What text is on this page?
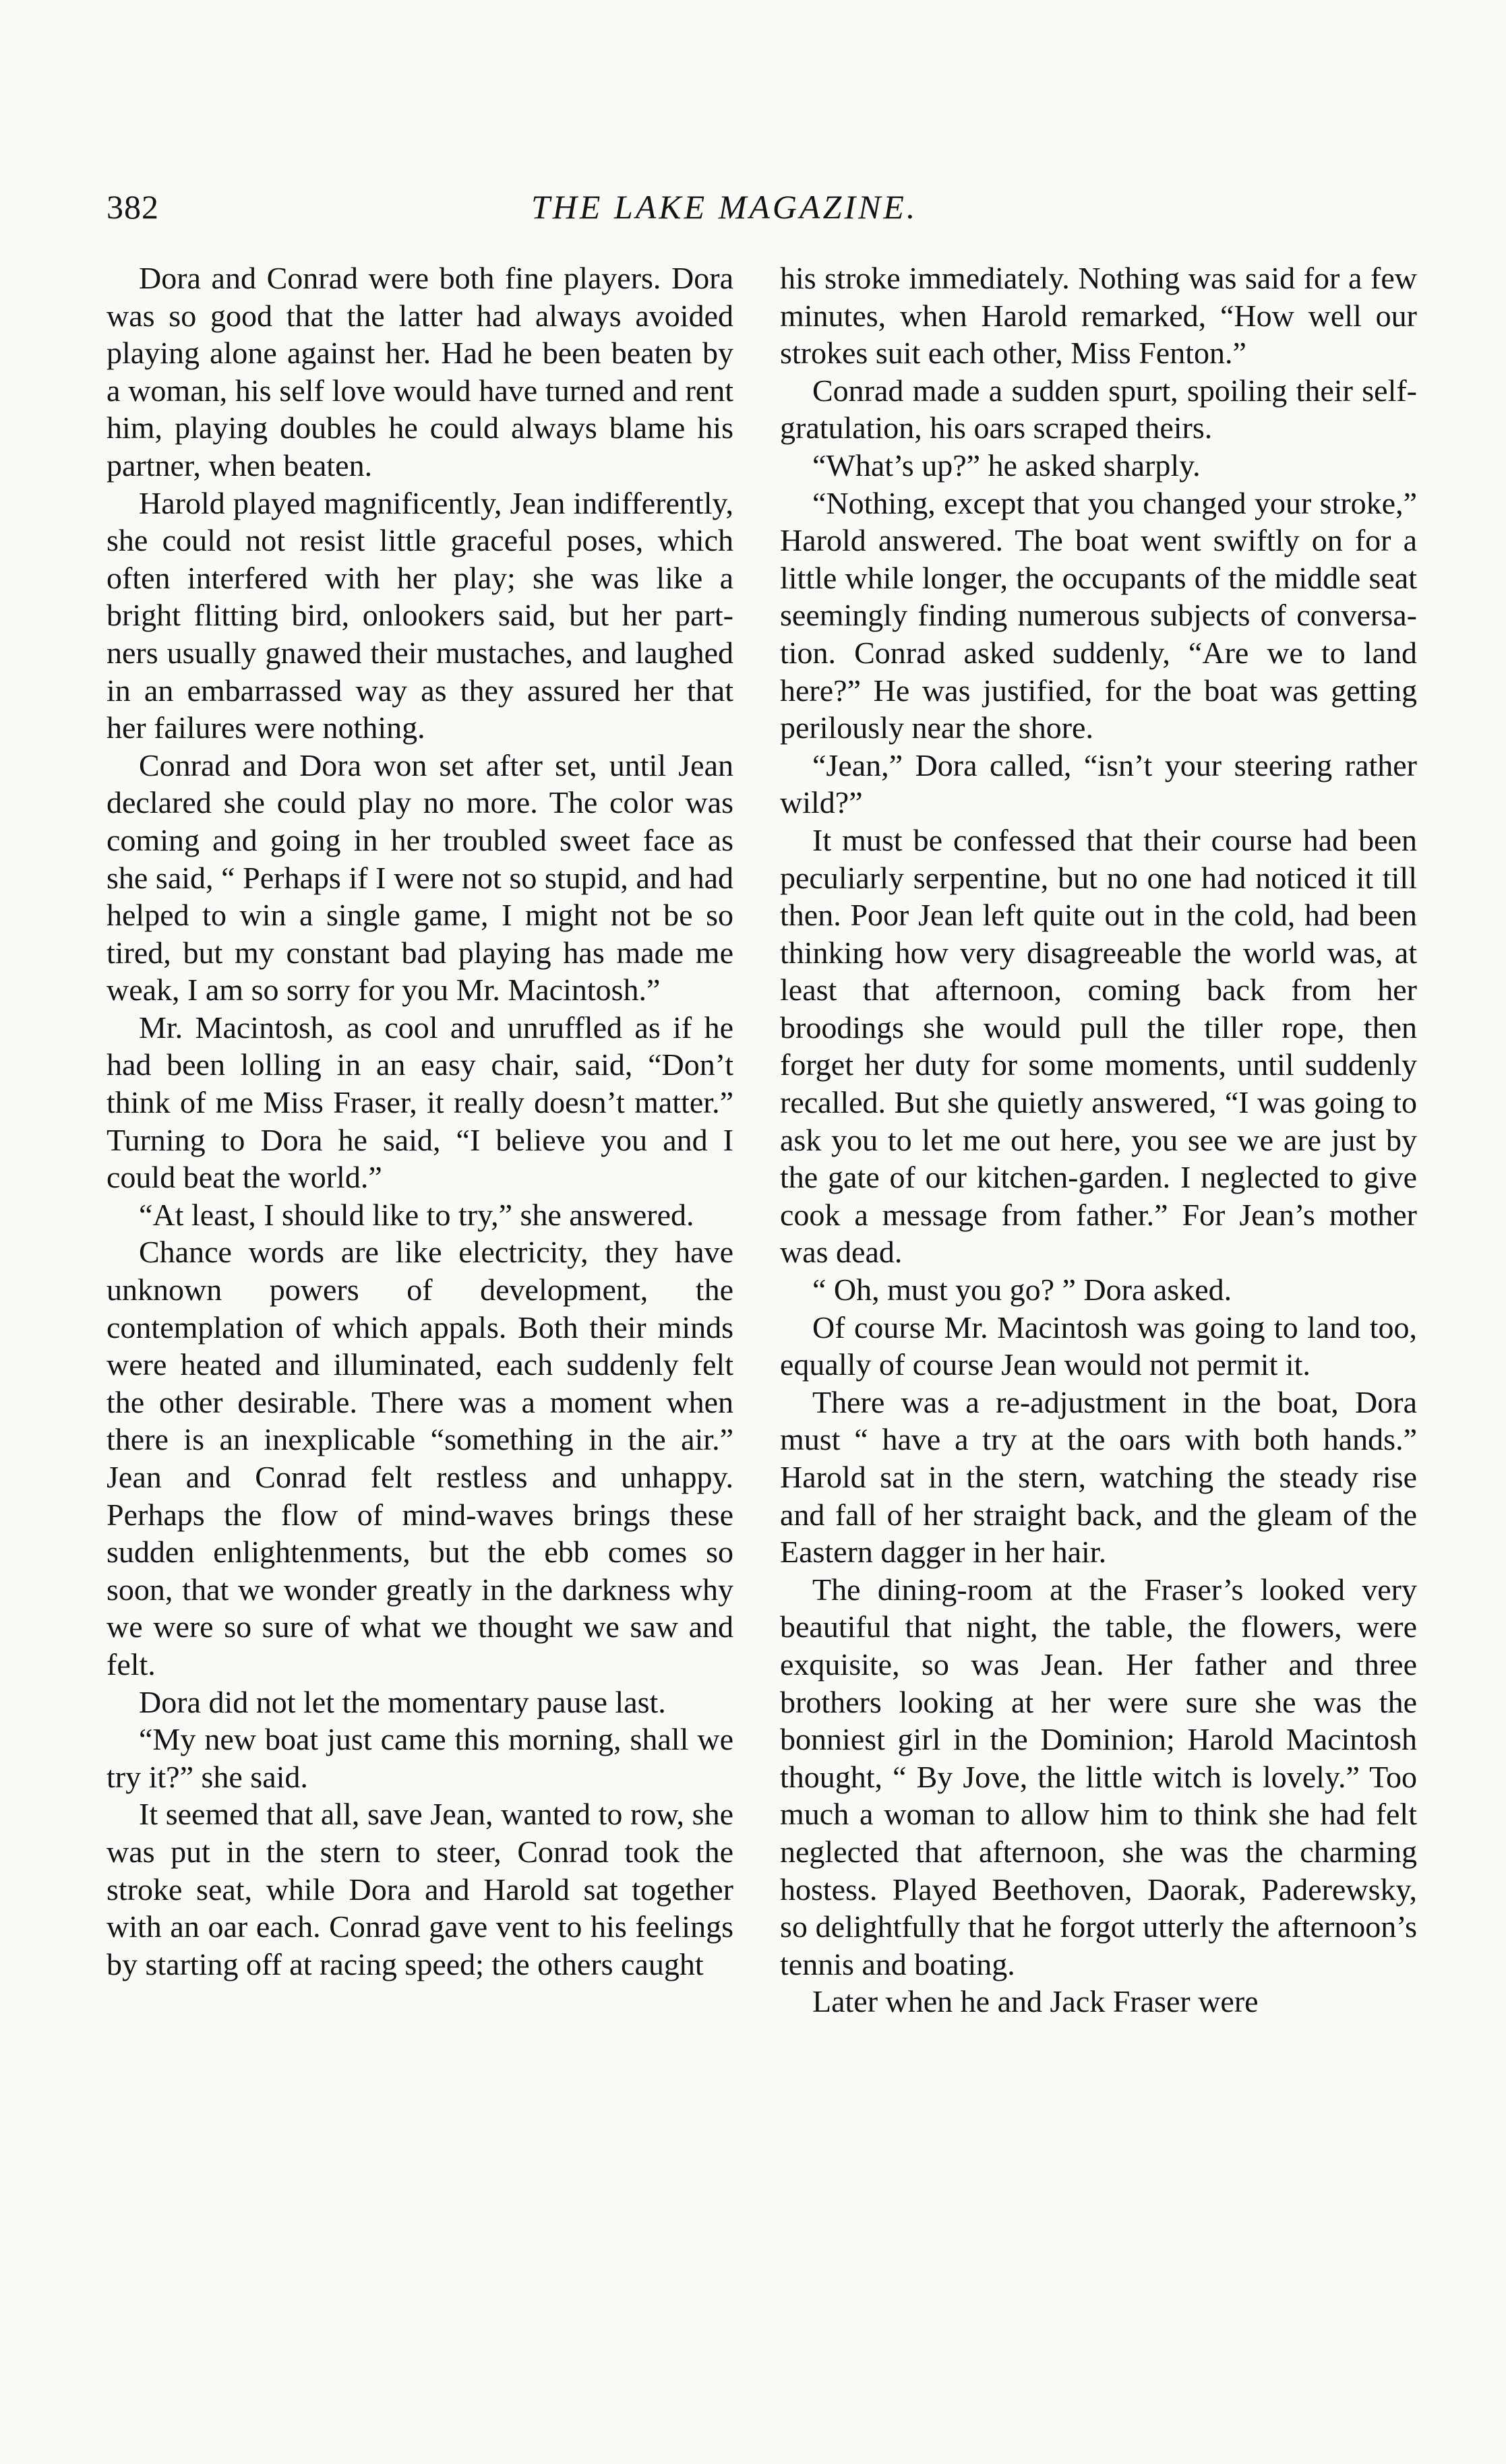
382	THE LAKE MAGAZINE.

Dora and Conrad were both fine players. Dora was so good that the latter had always avoided playing alone against her. Had he been beaten by a woman, his self love would have turned and rent him, playing doubles he could always blame his partner, when beaten.

Harold played magnificently, Jean indifferently, she could not resist little graceful poses, which often interfered with her play; she was like a bright flitting bird, onlookers said, but her partners usually gnawed their mustaches, and laughed in an embarrassed way as they assured her that her failures were nothing.

Conrad and Dora won set after set, until Jean declared she could play no more. The color was coming and going in her troubled sweet face as she said, “ Perhaps if I were not so stupid, and had helped to win a single game, I might not be so tired, but my constant bad playing has made me weak, I am so sorry for you Mr. Macintosh.”

Mr. Macintosh, as cool and unruffled as if he had been lolling in an easy chair, said, “Don’t think of me Miss Fraser, it really doesn’t matter.” Turning to Dora he said, “I believe you and I could beat the world.”

“At least, I should like to try,” she answered.

Chance words are like electricity, they have unknown powers of development, the contemplation of which appals. Both their minds were heated and illuminated, each suddenly felt the other desirable. There was a moment when there is an inexplicable “something in the air.” Jean and Conrad felt restless and unhappy. Perhaps the flow of mind-waves brings these sudden enlightenments, but the ebb comes so soon, that we wonder greatly in the darkness why we were so sure of what we thought we saw and felt.

Dora did not let the momentary pause last.

“My new boat just came this morning, shall we try it?” she said.

It seemed that all, save Jean, wanted to row, she was put in the stern to steer, Conrad took the stroke seat, while Dora and Harold sat together with an oar each. Conrad gave vent to his feelings by starting off at racing speed; the others caught

his stroke immediately. Nothing was said for a few minutes, when Harold remarked, “How well our strokes suit each other, Miss Fenton.”

Conrad made a sudden spurt, spoiling their self-gratulation, his oars scraped theirs.

“What’s up?” he asked sharply.

“Nothing, except that you changed your stroke,” Harold answered. The boat went swiftly on for a little while longer, the occupants of the middle seat seemingly finding numerous subjects of conversation. Conrad asked suddenly, “Are we to land here?” He was justified, for the boat was getting perilously near the shore.

“Jean,” Dora called, “isn’t your steering rather wild?”

It must be confessed that their course had been peculiarly serpentine, but no one had noticed it till then. Poor Jean left quite out in the cold, had been thinking how very disagreeable the world was, at least that afternoon, coming back from her broodings she would pull the tiller rope, then forget her duty for some moments, until suddenly recalled. But she quietly answered, “I was going to ask you to let me out here, you see we are just by the gate of our kitchen-garden. I neglected to give cook a message from father.” For Jean’s mother was dead.

“ Oh, must you go? ” Dora asked.

Of course Mr. Macintosh was going to land too, equally of course Jean would not permit it.

There was a re-adjustment in the boat, Dora must “ have a try at the oars with both hands.” Harold sat in the stern, watching the steady rise and fall of her straight back, and the gleam of the Eastern dagger in her hair.

The dining-room at the Fraser’s looked very beautiful that night, the table, the flowers, were exquisite, so was Jean. Her father and three brothers looking at her were sure she was the bonniest girl in the Dominion; Harold Macintosh thought, “ By Jove, the little witch is lovely.” Too much a woman to allow him to think she had felt neglected that afternoon, she was the charming hostess. Played Beethoven, Daorak, Paderewsky, so delightfully that he forgot utterly the afternoon’s tennis and boating.

Later when he and Jack Fraser were
